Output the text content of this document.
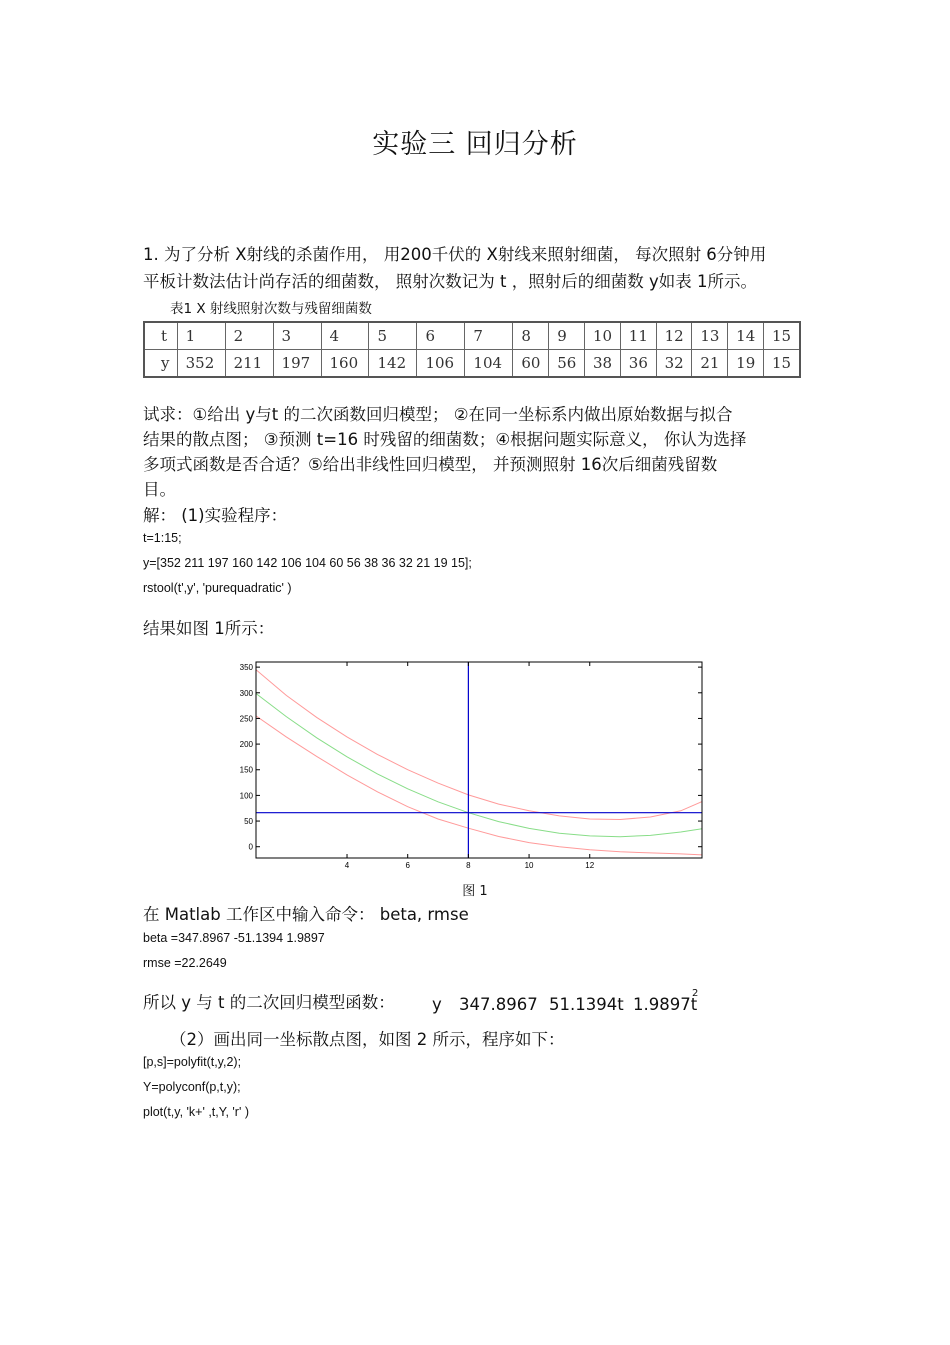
实验三 回归分析
1. 为了分析 X射线的杀菌作用， 用200千伏的 X射线来照射细菌， 每次照射 6分钟用
平板计数法估计尚存活的细菌数， 照射次数记为 t ，照射后的细菌数 y如表 1所示。
表1 X 射线照射次数与残留细菌数
t	1	2	3	4	5	6	7	8	9	10	11	12	13	14	15
y	352	211	197	160	142	106	104	60	56	38	36	32	21	19	15
试求：①给出 y与t 的二次函数回归模型； ②在同一坐标系内做出原始数据与拟合
结果的散点图； ③预测 t=16 时残留的细菌数；④根据问题实际意义， 你认为选择
多项式函数是否合适？⑤给出非线性回归模型， 并预测照射 16次后细菌残留数
目。
解： (1)实验程序：
t=1:15;
y=[352 211 197 160 142 106 104 60 56 38 36 32 21 19 15];
rstool(t',y', 'purequadratic' )
结果如图 1所示：
0
50
100
150
200
250
300
350
4	6	8	10	12
图 1
在 Matlab 工作区中输入命令： beta, rmse
beta =347.8967 -51.1394 1.9897
rmse =22.2649
所以 y 与 t 的二次回归模型函数： y 347.8967 51.1394t 1.9897t
2
（2）画出同一坐标散点图，如图 2 所示，程序如下：
[p,s]=polyfit(t,y,2);
Y=polyconf(p,t,y);
plot(t,y, 'k+' ,t,Y, 'r' )
